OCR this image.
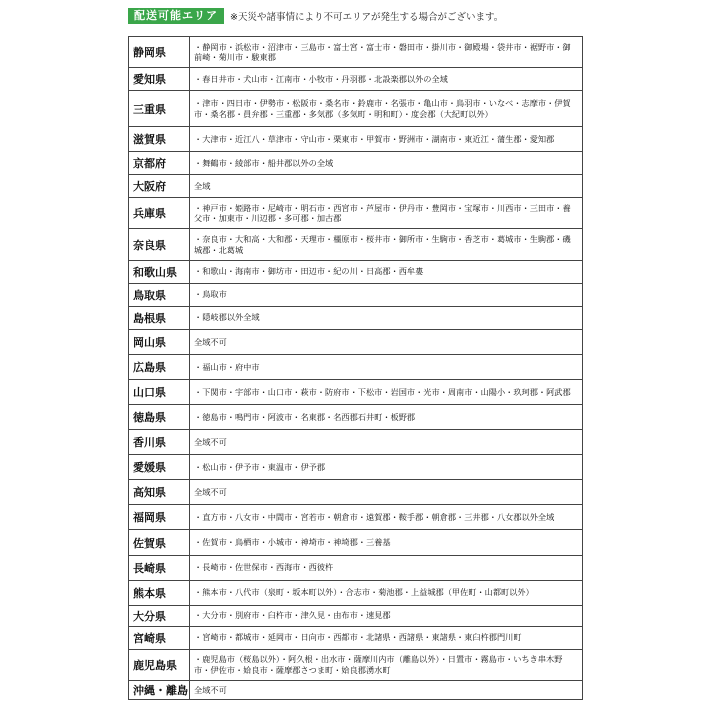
配送可能エリア	※天災や諸事情により不可エリアが発生する場合がございます。
静岡県	・静岡市・浜松市・沼津市・三島市・富士宮・富士市・磐田市・掛川市・御殿場・袋井市・裾野市・御前崎・菊川市・駿東郡
愛知県	・春日井市・犬山市・江南市・小牧市・丹羽郡・北設楽郡以外の全域
三重県	・津市・四日市・伊勢市・松阪市・桑名市・鈴鹿市・名張市・亀山市・鳥羽市・いなべ・志摩市・伊賀市・桑名郡・員弁郡・三重郡・多気郡（多気町・明和町）・度会郡（大紀町以外）
滋賀県	・大津市・近江八・草津市・守山市・栗東市・甲賀市・野洲市・湖南市・東近江・蒲生郡・愛知郡
京都府	・舞鶴市・綾部市・船井郡以外の全域
大阪府	全域
兵庫県	・神戸市・姫路市・尼崎市・明石市・西宮市・芦屋市・伊丹市・豊岡市・宝塚市・川西市・三田市・養父市・加東市・川辺郡・多可郡・加古郡
奈良県	・奈良市・大和高・大和郡・天理市・橿原市・桜井市・御所市・生駒市・香芝市・葛城市・生駒郡・磯城郡・北葛城
和歌山県	・和歌山・海南市・御坊市・田辺市・紀の川・日高郡・西牟婁
鳥取県	・鳥取市
島根県	・隠岐郡以外全域
岡山県	全域不可
広島県	・福山市・府中市
山口県	・下関市・宇部市・山口市・萩市・防府市・下松市・岩国市・光市・周南市・山陽小・玖珂郡・阿武郡
徳島県	・徳島市・鳴門市・阿波市・名東郡・名西郡石井町・板野郡
香川県	全域不可
愛媛県	・松山市・伊予市・東温市・伊予郡
高知県	全域不可
福岡県	・直方市・八女市・中間市・宮若市・朝倉市・遠賀郡・鞍手郡・朝倉郡・三井郡・八女郡以外全域
佐賀県	・佐賀市・鳥栖市・小城市・神埼市・神埼郡・三養基
長崎県	・長崎市・佐世保市・西海市・西彼杵
熊本県	・熊本市・八代市（泉町・坂本町以外）・合志市・菊池郡・上益城郡（甲佐町・山都町以外）
大分県	・大分市・別府市・臼杵市・津久見・由布市・速見郡
宮崎県	・宮崎市・都城市・延岡市・日向市・西都市・北諸県・西諸県・東諸県・東臼杵郡門川町
鹿児島県	・鹿児島市（桜島以外）・阿久根・出水市・薩摩川内市（離島以外）・日置市・霧島市・いちき串木野市・伊佐市・姶良市・薩摩郡さつま町・姶良郡湧水町
沖縄・離島	全域不可
